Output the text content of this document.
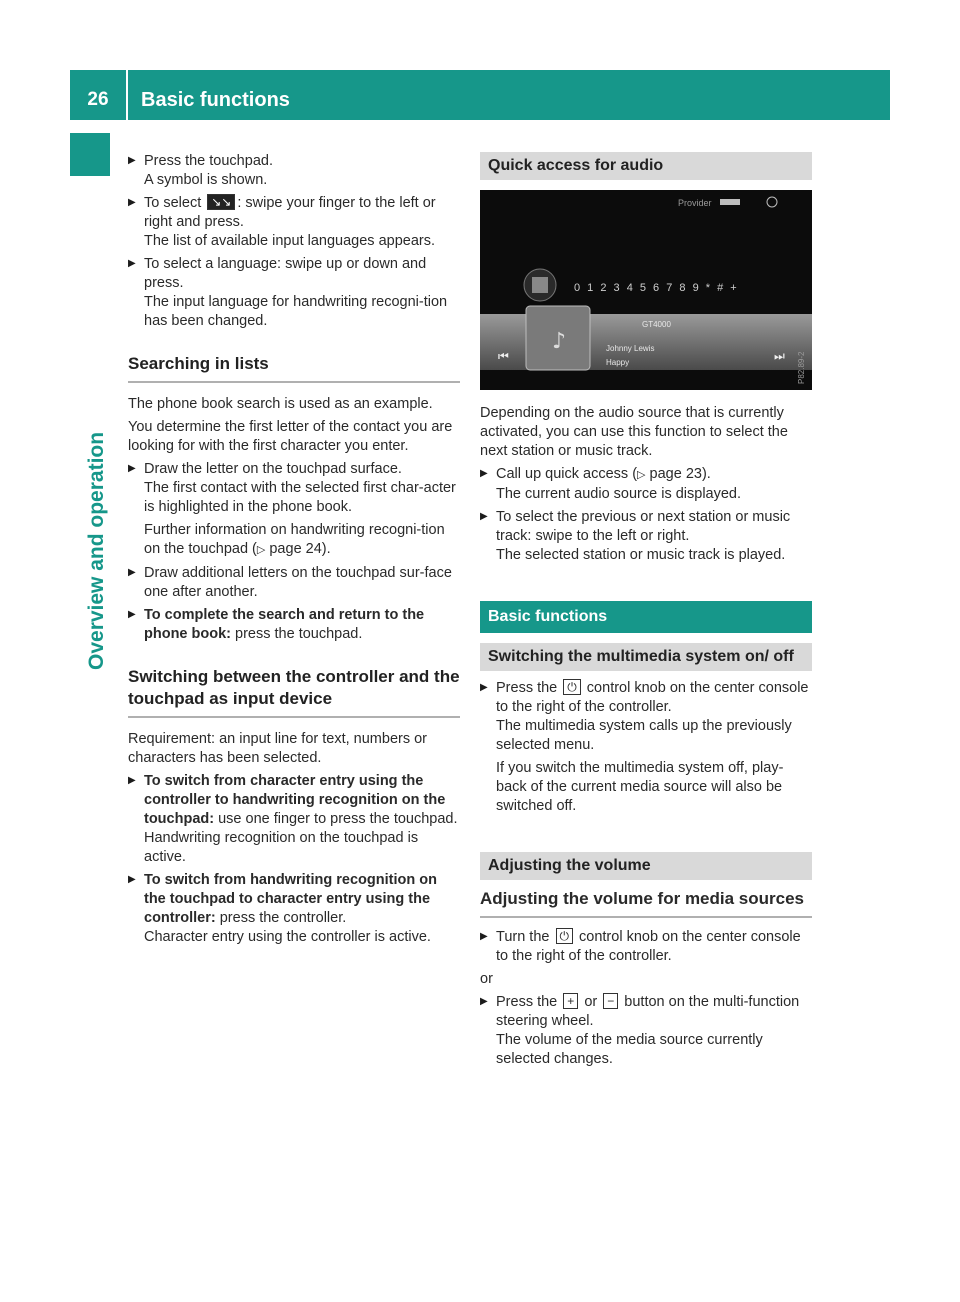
26	Basic functions
Overview and operation
▶ Press the touchpad.
A symbol is shown.
▶ To select ↘↘ : swipe your finger to the left or right and press.
The list of available input languages appears.
▶ To select a language: swipe up or down and press.
The input language for handwriting recogni-tion has been changed.
Searching in lists

The phone book search is used as an example.

You determine the first letter of the contact you are looking for with the first character you enter.

▶ Draw the letter on the touchpad surface.
The first contact with the selected first char-acter is highlighted in the phone book.

Further information on handwriting recogni-tion on the touchpad (▷ page 24).

▶ Draw additional letters on the touchpad sur-face one after another.
▶ To complete the search and return to the phone book: press the touchpad.
Switching between the controller and the touchpad as input device

Requirement: an input line for text, numbers or characters has been selected.

▶ To switch from character entry using the controller to handwriting recognition on the touchpad: use one finger to press the touchpad.
Handwriting recognition on the touchpad is active.
▶ To switch from handwriting recognition on the touchpad to character entry using the controller: press the controller.
Character entry using the controller is active.
Quick access for audio
Provider
0 1 2 3 4 5 6 7 8 9 * # +
♪
GT4000
Johnny Lewis
Happy
⏮	⏭ P82.89-2

Depending on the audio source that is currently activated, you can use this function to select the next station or music track.

▶ Call up quick access (▷ page 23).
The current audio source is displayed.
▶ To select the previous or next station or music track: swipe to the left or right.
The selected station or music track is played.
Basic functions
Switching the multimedia system on/ off
▶ Press the ⏻ control knob on the center console to the right of the controller.
The multimedia system calls up the previously selected menu.

If you switch the multimedia system off, play-back of the current media source will also be switched off.

Adjusting the volume
Adjusting the volume for media sources
▶ Turn the ⏻ control knob on the center console to the right of the controller.

or

▶ Press the + or − button on the multi-function steering wheel.
The volume of the media source currently selected changes.
